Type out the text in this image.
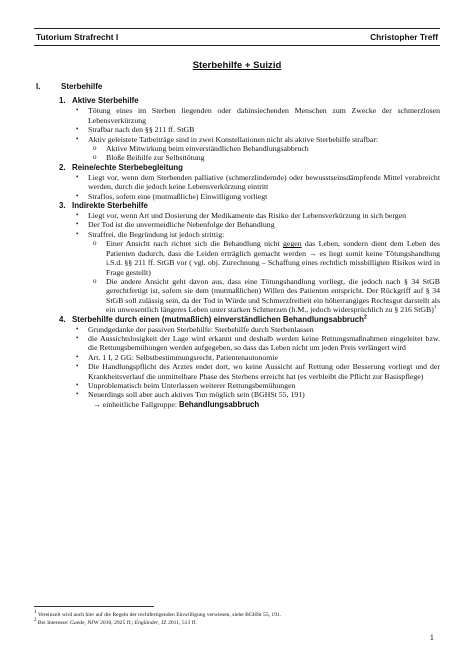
Tutorium Strafrecht I	Christopher Treff
Sterbehilfe + Suizid
I.	Sterbehilfe
1. Aktive Sterbehilfe
•	Tötung eines im Sterben liegenden oder dahinsiechenden Menschen zum Zwecke der schmerzlosen Lebensverkürzung
•	Strafbar nach den §§ 211 ff. StGB
•	Aktiv geleistete Tatbeiträge sind in zwei Konstellationen nicht als aktive Sterbehilfe strafbar:
o	Aktive Mitwirkung beim einverständlichen Behandlungsabbruch
o	Bloße Beihilfe zur Selbsttötung
2. Reine/echte Sterbebegleitung
•	Liegt vor, wenn dem Sterbenden palliative (schmerzlindernde) oder bewusstseinsdämpfende Mittel verabreicht werden, durch die jedoch keine Lebensverkürzung eintritt
•	Straflos, sofern eine (mutmaßliche) Einwilligung vorliegt
3. Indirekte Sterbehilfe
•	Liegt vor, wenn Art und Dosierung der Medikamente das Risiko der Lebensverkürzung in sich bergen
•	Der Tod ist die unvermeidliche Nebenfolge der Behandlung
•	Straffrei, die Begründung ist jedoch strittig:
o	Einer Ansicht nach richtet sich die Behandlung nicht gegen das Leben, sondern dient dem Leben des Patienten dadurch, dass die Leiden erträglich gemacht werden → es liegt somit keine Tötungshandlung i.S.d. §§ 211 ff. StGB vor ( vgl. obj. Zurechnung – Schaffung eines rechtlich missbilligten Risikos wird in Frage gestellt)
o	Die andere Ansicht geht davon aus, dass eine Tötungshandlung vorliegt, die jedoch nach § 34 StGB gerechtfertigt ist, sofern sie dem (mutmaßlichen) Willen des Patienten entspricht. Der Rückgriff auf § 34 StGB soll zulässig sein, da der Tod in Würde und Schmerzfreiheit ein höherrangiges Rechtsgut darstellt als ein unwesentlich längeres Leben unter starken Schmerzen (h.M., jedoch widersprüchlich zu § 216 StGB)$^1$
4. Sterbehilfe durch einen (mutmaßlich) einverständlichen Behandlungsabbruch$^2$
•	Grundgedanke der passiven Sterbehilfe: Sterbehilfe durch Sterbenlassen
•	die Aussichtslosigkeit der Lage wird erkannt und deshalb werden keine Rettungsmaßnahmen eingeleitet bzw. die Rettungsbemühungen werden aufgegeben, so dass das Leben nicht um jeden Preis verlängert wird
•	Art. 1 I, 2 GG: Selbstbestimmungsrecht, Patientenautonomie
•	Die Handlungspflicht des Arztes endet dort, wo keine Aussicht auf Rettung oder Besserung vorliegt und der Krankheitsverlauf die unmittelbare Phase des Sterbens erreicht hat (es verbleibt die Pflicht zur Basispflege)
•	Unproblematisch beim Unterlassen weiterer Rettungsbemühungen
•	Neuerdings soll aber auch aktives Tun möglich sein (BGHSt 55, 191)
→ einheitliche Fallgruppe: Behandlungsabbruch
$^1$ Vereinzelt wird auch hier auf die Regeln der rechtfertigenden Einwilligung verwiesen, siehe BGHSt 55, 191.
$^2$ Bei Interesse: Gaede, NJW 2010, 2925 ff.; Engländer, JZ 2011, 513 ff.
1
